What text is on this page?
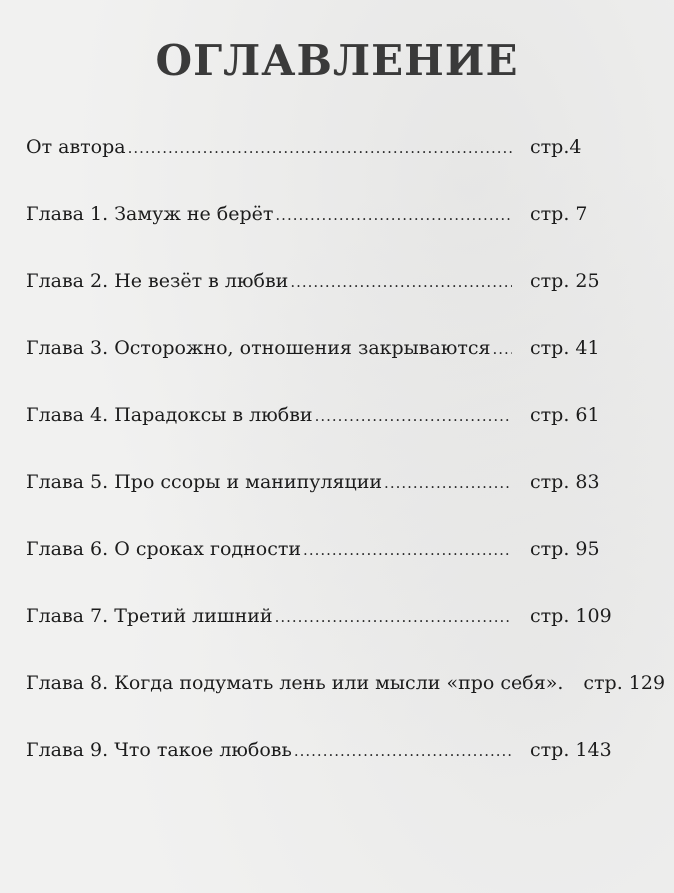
ОГЛАВЛЕНИЕ
От автора .....	стр.4
Глава 1. Замуж не берёт .....	стр. 7
Глава 2. Не везёт в любви .....	стр. 25
Глава 3. Осторожно, отношения закрываются .....	стр. 41
Глава 4. Парадоксы в любви .....	стр. 61
Глава 5. Про ссоры и манипуляции .....	стр. 83
Глава 6. О сроках годности .....	стр. 95
Глава 7. Третий лишний .....	стр. 109
Глава 8. Когда подумать лень или мысли «про себя».	стр. 129
Глава 9. Что такое любовь .....	стр. 143
